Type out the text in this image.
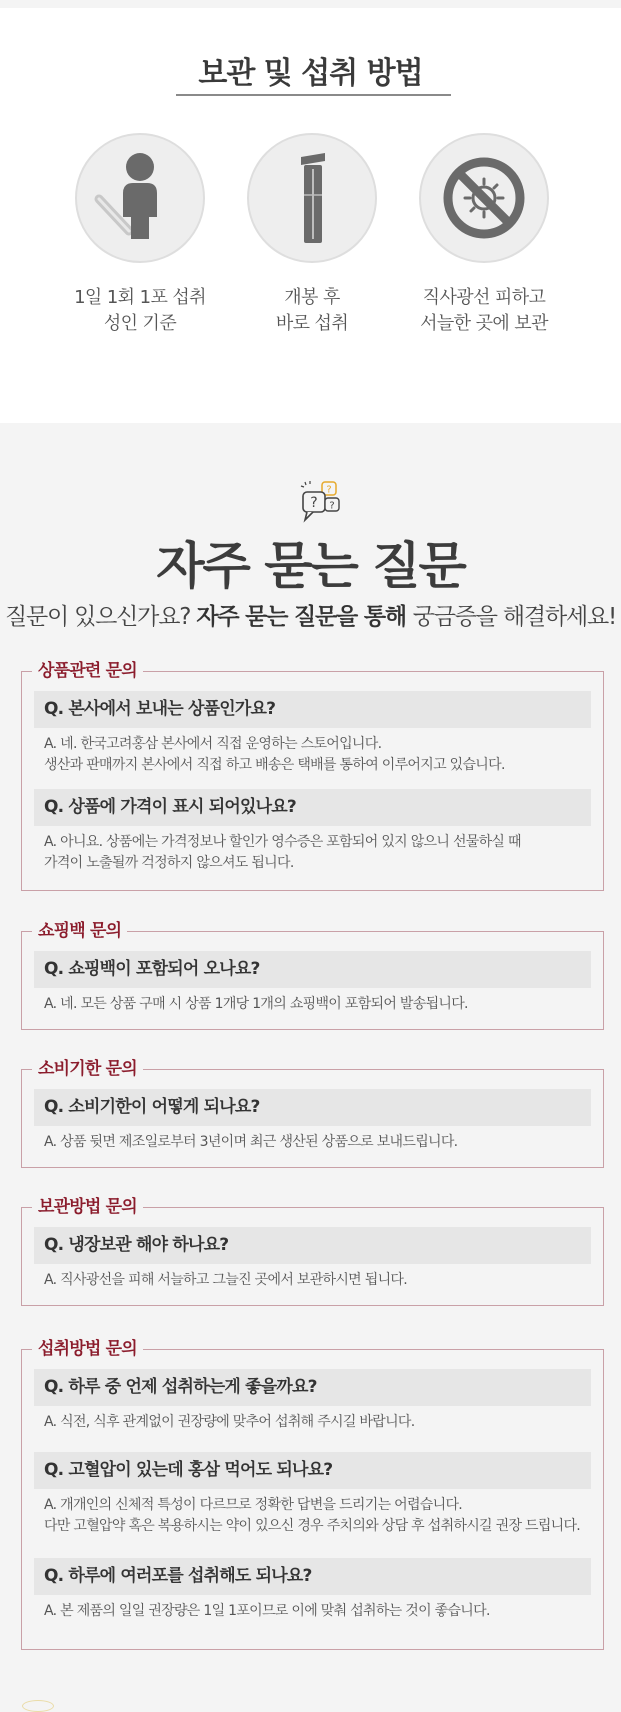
보관 및 섭취 방법
1일 1회 1포 섭취
성인 기준
개봉 후
바로 섭취
직사광선 피하고
서늘한 곳에 보관
?
? ?
자주 묻는 질문
질문이 있으신가요? 자주 묻는 질문을 통해 궁금증을 해결하세요!
상품관련 문의
Q. 본사에서 보내는 상품인가요?
A. 네. 한국고려홍삼 본사에서 직접 운영하는 스토어입니다.
생산과 판매까지 본사에서 직접 하고 배송은 택배를 통하여 이루어지고 있습니다.
Q. 상품에 가격이 표시 되어있나요?
A. 아니요. 상품에는 가격정보나 할인가 영수증은 포함되어 있지 않으니 선물하실 때
가격이 노출될까 걱정하지 않으셔도 됩니다.
쇼핑백 문의
Q. 쇼핑백이 포함되어 오나요?
A. 네. 모든 상품 구매 시 상품 1개당 1개의 쇼핑백이 포함되어 발송됩니다.
소비기한 문의
Q. 소비기한이 어떻게 되나요?
A. 상품 뒷면 제조일로부터 3년이며 최근 생산된 상품으로 보내드립니다.
보관방법 문의
Q. 냉장보관 해야 하나요?
A. 직사광선을 피해 서늘하고 그늘진 곳에서 보관하시면 됩니다.
섭취방법 문의
Q. 하루 중 언제 섭취하는게 좋을까요?
A. 식전, 식후 관계없이 권장량에 맞추어 섭취해 주시길 바랍니다.
Q. 고혈압이 있는데 홍삼 먹어도 되나요?
A. 개개인의 신체적 특성이 다르므로 정확한 답변을 드리기는 어렵습니다.
다만 고혈압약 혹은 복용하시는 약이 있으신 경우 주치의와 상담 후 섭취하시길 권장 드립니다.
Q. 하루에 여러포를 섭취해도 되나요?
A. 본 제품의 일일 권장량은 1일 1포이므로 이에 맞춰 섭취하는 것이 좋습니다.
